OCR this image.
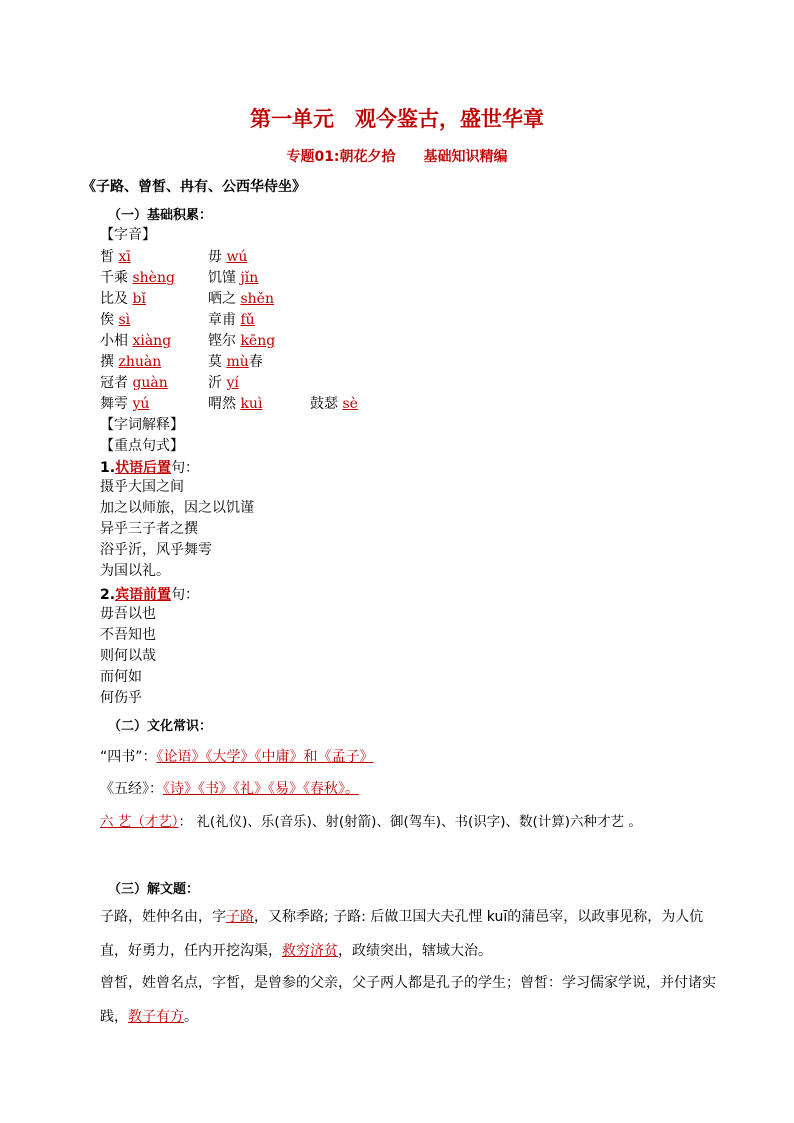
第一单元　观今鉴古，盛世华章
专题01:朝花夕拾　　基础知识精编
《子路、曾皙、冉有、公西华侍坐》
（一）基础积累：
【字音】
皙 xī	毋 wú
千乘 shèng 饥馑 jǐn
比及 bǐ	哂之 shěn
俟 sì	章甫 fǔ
小相 xiàng	铿尔 kēng
撰 zhuàn	莫 mù春
冠者 guàn	沂 yí
舞雩 yú	喟然 kuì	鼓瑟 sè
【字词解释】
【重点句式】
1.状语后置句：
摄乎大国之间
加之以师旅，因之以饥谨
异乎三子者之撰
浴乎沂，风乎舞雩
为国以礼。
2.宾语前置句：
毋吾以也
不吾知也
则何以哉
而何如
何伤乎
（二）文化常识：
“四书”：《论语》《大学》《中庸》和《孟子》
《五经》：《诗》《书》《礼》《易》《春秋》。
六 艺（才艺）： 礼(礼仪)、乐(音乐)、射(射箭)、御(驾车)、书(识字)、数(计算)六种才艺 。
（三）解文题：
子路，姓仲名由，字子路，又称季路; 子路: 后做卫国大夫孔悝 kuī的蒲邑宰，以政事见称，为人伉直，好勇力，任内开挖沟渠，救穷济贫，政绩突出，辖域大治。
曾皙，姓曾名点，字皙，是曾参的父亲，父子两人都是孔子的学生；曾皙：学习儒家学说，并付诸实践，教子有方。
